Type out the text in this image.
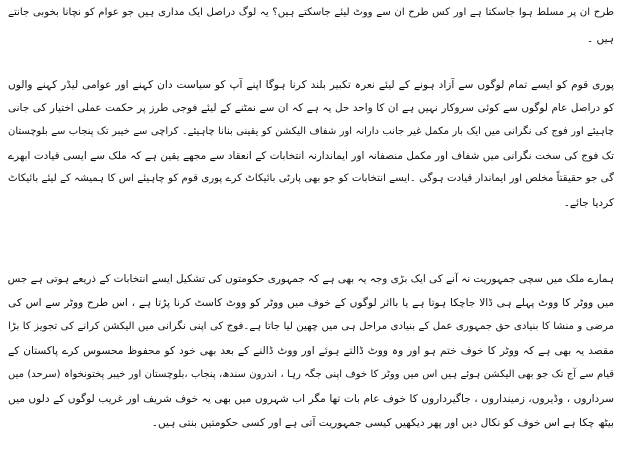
طرح ان پر مسلط ہوا جاسکتا ہے اور کس طرح ان سے ووٹ لیئے جاسکتے ہیں؟ یہ لوگ دراصل ایک مداری ہیں جو عوام کو نچانا بخوبی جانتے
ہیں ۔
پوری قوم کو ایسے تمام لوگوں سے آزاد ہونے کے لیئے نعرہ تکبیر بلند کرنا ہوگا اپنے آپ کو سیاست دان کہنے اور عوامی لیڈر کہنے والوں
کو دراصل عام لوگوں سے کوئی سروکار نہیں ہے ان کا واحد حل یہ ہے کہ ان سے نمٹنے کے لیئے فوجی طرز پر حکمت عملی اختیار کی جانی
چاہیئے اور فوج کی نگرانی میں ایک بار مکمل غیر جانب دارانہ اور شفاف الیکشن کو یقینی بنانا چاہیئے۔ کراچی سے خیبر تک پنجاب سے بلوچستان
تک فوج کی سخت نگرانی میں شفاف اور مکمل منصفانہ اور ایماندارنہ انتخابات کے انعقاد سے مجھے یقین ہے کہ ملک سے ایسی قیادت ابھرے
گی جو حقیقتاً مخلص اور ایماندار قیادت ہوگی ۔ایسے انتخابات کو جو بھی پارٹی بائیکاٹ کرے پوری قوم کو چاہیئے اس کا ہمیشہ کے لیئے بائیکاٹ
کردیا جائے۔
ہمارے ملک میں سچی جمہوریت نہ آنے کی ایک بڑی وجہ یہ بھی ہے کہ جمہوری حکومتوں کی تشکیل ایسے انتخابات کے ذریعے ہوتی ہے جس
میں ووٹر کا ووٹ پہلے ہی ڈالا جاچکا ہوتا ہے یا بااثر لوگوں کے خوف میں ووٹر کو ووٹ کاسٹ کرنا پڑتا ہے ، اس طرح ووٹر سے اس کی
مرضی و منشا کا بنیادی حق جمہوری عمل کے بنیادی مراحل ہی میں چھین لیا جاتا ہے۔فوج کی اپنی نگرانی میں الیکشن کرانے کی تجویز کا بڑا
مقصد یہ بھی ہے کہ ووٹر کا خوف ختم ہو اور وہ ووٹ ڈالتے ہوئے اور ووٹ ڈالنے کے بعد بھی خود کو محفوظ محسوس کرے پاکستان کے
قیام سے آج تک جو بھی الیکشن ہوئے ہیں اس میں ووٹر کا خوف اپنی جگہ رہا ، اندرون سندھ، پنجاب ،بلوچستان اور خیبر پختونخواہ (سرحد) میں
سرداروں ، وڈیروں، زمینداروں ، جاگیرداروں کا خوف عام بات تھا مگر اب شہروں میں بھی یہ خوف شریف اور غریب لوگوں کے دلوں میں
بیٹھ چکا ہے اس خوف کو نکال دیں اور پھر دیکھیں کیسی جمہوریت آتی ہے اور کسی حکومتیں بنتی ہیں۔
